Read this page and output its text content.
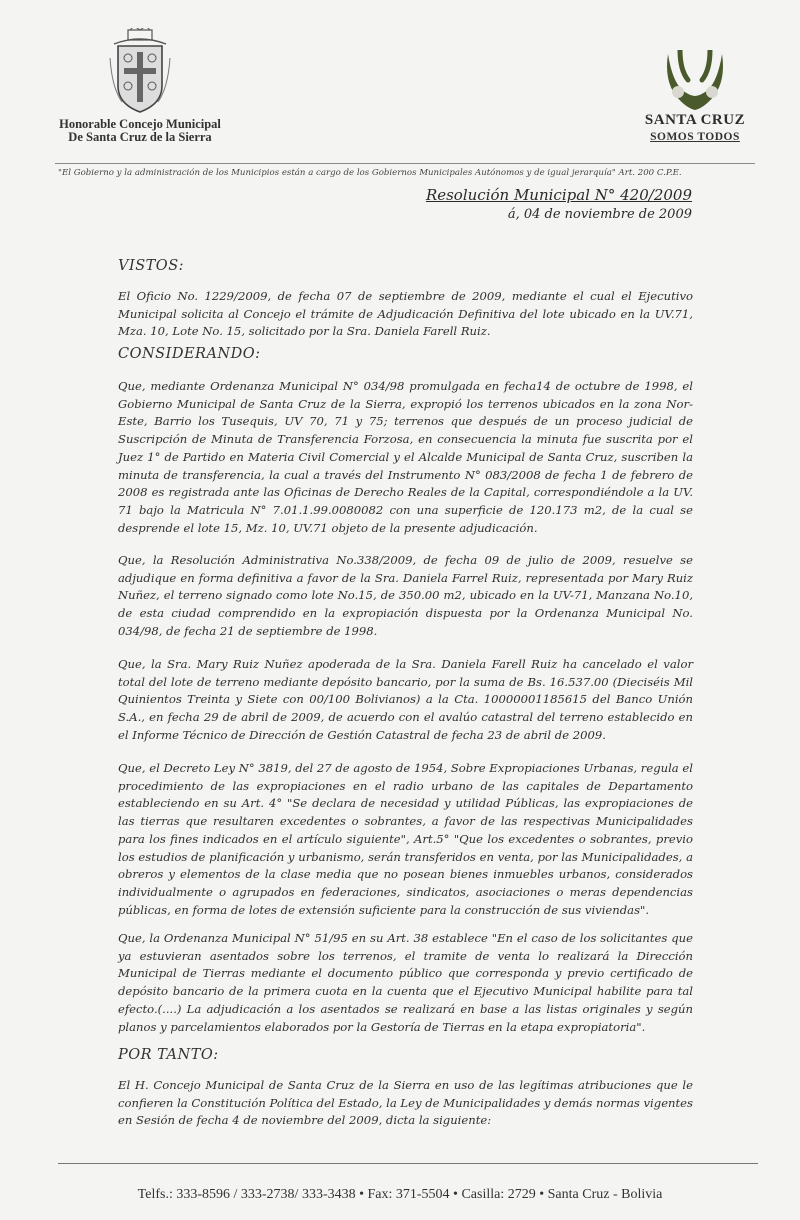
Honorable Concejo Municipal
De Santa Cruz de la Sierra
SANTA CRUZ
SOMOS TODOS
"El Gobierno y la administración de los Municipios están a cargo de los Gobiernos Municipales Autónomos y de igual jerarquía" Art. 200 C.P.E.
Resolución Municipal N° 420/2009
á, 04 de noviembre de 2009
VISTOS:
El Oficio No. 1229/2009, de fecha 07 de septiembre de 2009, mediante el cual el Ejecutivo Municipal solicita al Concejo el trámite de Adjudicación Definitiva del lote ubicado en la UV.71, Mza. 10, Lote No. 15, solicitado por la Sra. Daniela Farell Ruiz.
CONSIDERANDO:
Que, mediante Ordenanza Municipal N° 034/98 promulgada en fecha14 de octubre de 1998, el Gobierno Municipal de Santa Cruz de la Sierra, expropió los terrenos ubicados en la zona Nor-Este, Barrio los Tusequis, UV 70, 71 y 75; terrenos que después de un proceso judicial de Suscripción de Minuta de Transferencia Forzosa, en consecuencia la minuta fue suscrita por el Juez 1° de Partido en Materia Civil Comercial y el Alcalde Municipal de Santa Cruz, suscriben la minuta de transferencia, la cual a través del Instrumento N° 083/2008 de fecha 1 de febrero de 2008 es registrada ante las Oficinas de Derecho Reales de la Capital, correspondiéndole a la UV. 71 bajo la Matricula N° 7.01.1.99.0080082 con una superficie de 120.173 m2, de la cual se desprende el lote 15, Mz. 10, UV.71 objeto de la presente adjudicación.
Que, la Resolución Administrativa No.338/2009, de fecha 09 de julio de 2009, resuelve se adjudique en forma definitiva a favor de la Sra. Daniela Farrel Ruiz, representada por Mary Ruiz Nuñez, el terreno signado como lote No.15, de 350.00 m2, ubicado en la UV-71, Manzana No.10, de esta ciudad comprendido en la expropiación dispuesta por la Ordenanza Municipal No. 034/98, de fecha 21 de septiembre de 1998.
Que, la Sra. Mary Ruiz Nuñez apoderada de la Sra. Daniela Farell Ruiz ha cancelado el valor total del lote de terreno mediante depósito bancario, por la suma de Bs. 16.537.00 (Dieciséis Mil Quinientos Treinta y Siete con 00/100 Bolivianos) a la Cta. 10000001185615 del Banco Unión S.A., en fecha 29 de abril de 2009, de acuerdo con el avalúo catastral del terreno establecido en el Informe Técnico de Dirección de Gestión Catastral de fecha 23 de abril de 2009.
Que, el Decreto Ley N° 3819, del 27 de agosto de 1954, Sobre Expropiaciones Urbanas, regula el procedimiento de las expropiaciones en el radio urbano de las capitales de Departamento estableciendo en su Art. 4° "Se declara de necesidad y utilidad Públicas, las expropiaciones de las tierras que resultaren excedentes o sobrantes, a favor de las respectivas Municipalidades para los fines indicados en el artículo siguiente", Art.5° "Que los excedentes o sobrantes, previo los estudios de planificación y urbanismo, serán transferidos en venta, por las Municipalidades, a obreros y elementos de la clase media que no posean bienes inmuebles urbanos, considerados individualmente o agrupados en federaciones, sindicatos, asociaciones o meras dependencias públicas, en forma de lotes de extensión suficiente para la construcción de sus viviendas".
Que, la Ordenanza Municipal N° 51/95 en su Art. 38 establece "En el caso de los solicitantes que ya estuvieran asentados sobre los terrenos, el tramite de venta lo realizará la Dirección Municipal de Tierras mediante el documento público que corresponda y previo certificado de depósito bancario de la primera cuota en la cuenta que el Ejecutivo Municipal habilite para tal efecto.(....) La adjudicación a los asentados se realizará en base a las listas originales y según planos y parcelamientos elaborados por la Gestoría de Tierras en la etapa expropiatoria".
POR TANTO:
El H. Concejo Municipal de Santa Cruz de la Sierra en uso de las legítimas atribuciones que le confieren la Constitución Política del Estado, la Ley de Municipalidades y demás normas vigentes en Sesión de fecha 4 de noviembre del 2009, dicta la siguiente:
Telfs.: 333-8596 / 333-2738/ 333-3438 • Fax: 371-5504 • Casilla: 2729 • Santa Cruz - Bolivia
